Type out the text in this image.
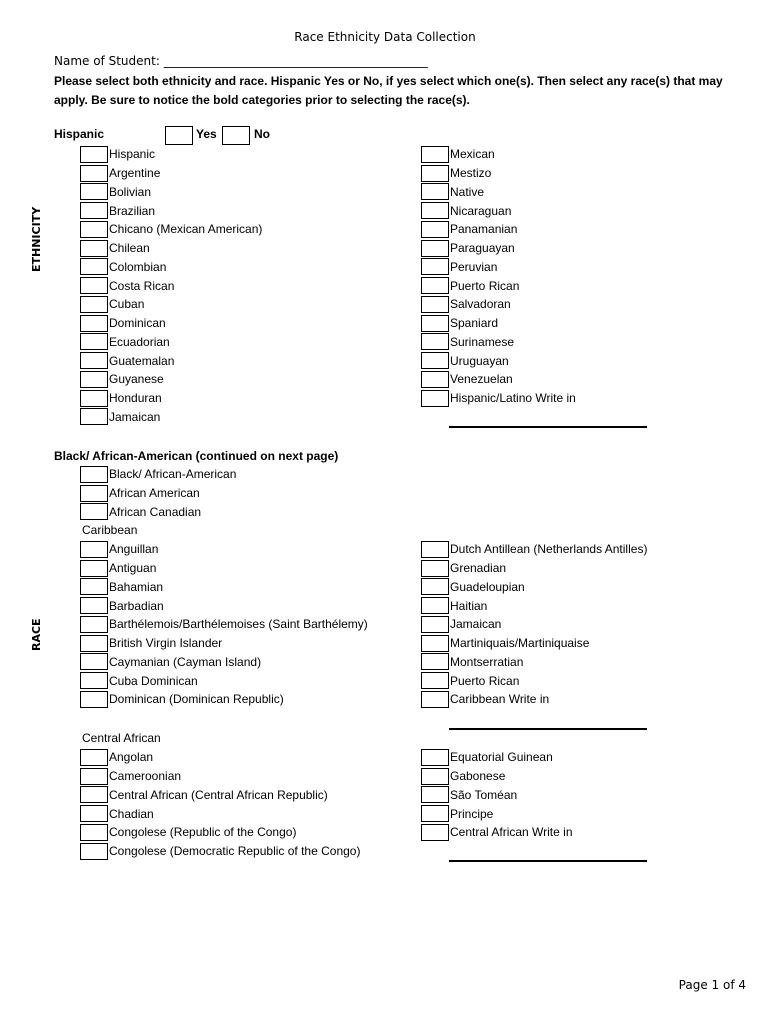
Race Ethnicity Data Collection
Name of Student: ____________________________________________
Please select both ethnicity and race. Hispanic Yes or No, if yes select which one(s). Then select any race(s) that may apply. Be sure to notice the bold categories prior to selecting the race(s).
ETHNICITY
RACE
Hispanic	Yes	No
Hispanic
Argentine
Bolivian
Brazilian
Chicano (Mexican American)
Chilean
Colombian
Costa Rican
Cuban
Dominican
Ecuadorian
Guatemalan
Guyanese
Honduran
Jamaican
Mexican
Mestizo
Native
Nicaraguan
Panamanian
Paraguayan
Peruvian
Puerto Rican
Salvadoran
Spaniard
Surinamese
Uruguayan
Venezuelan
Hispanic/Latino Write in
Black/ African-American (continued on next page)
Black/ African-American
African American
African Canadian
Caribbean
Anguillan
Antiguan
Bahamian
Barbadian
Barthélemois/Barthélemoises (Saint Barthélemy)
British Virgin Islander
Caymanian (Cayman Island)
Cuba Dominican
Dominican (Dominican Republic)
Dutch Antillean (Netherlands Antilles)
Grenadian
Guadeloupian
Haitian
Jamaican
Martiniquais/Martiniquaise
Montserratian
Puerto Rican
Caribbean Write in
Central African
Angolan
Cameroonian
Central African (Central African Republic)
Chadian
Congolese (Republic of the Congo)
Congolese (Democratic Republic of the Congo)
Equatorial Guinean
Gabonese
São Toméan
Principe
Central African Write in
Page 1 of 4
